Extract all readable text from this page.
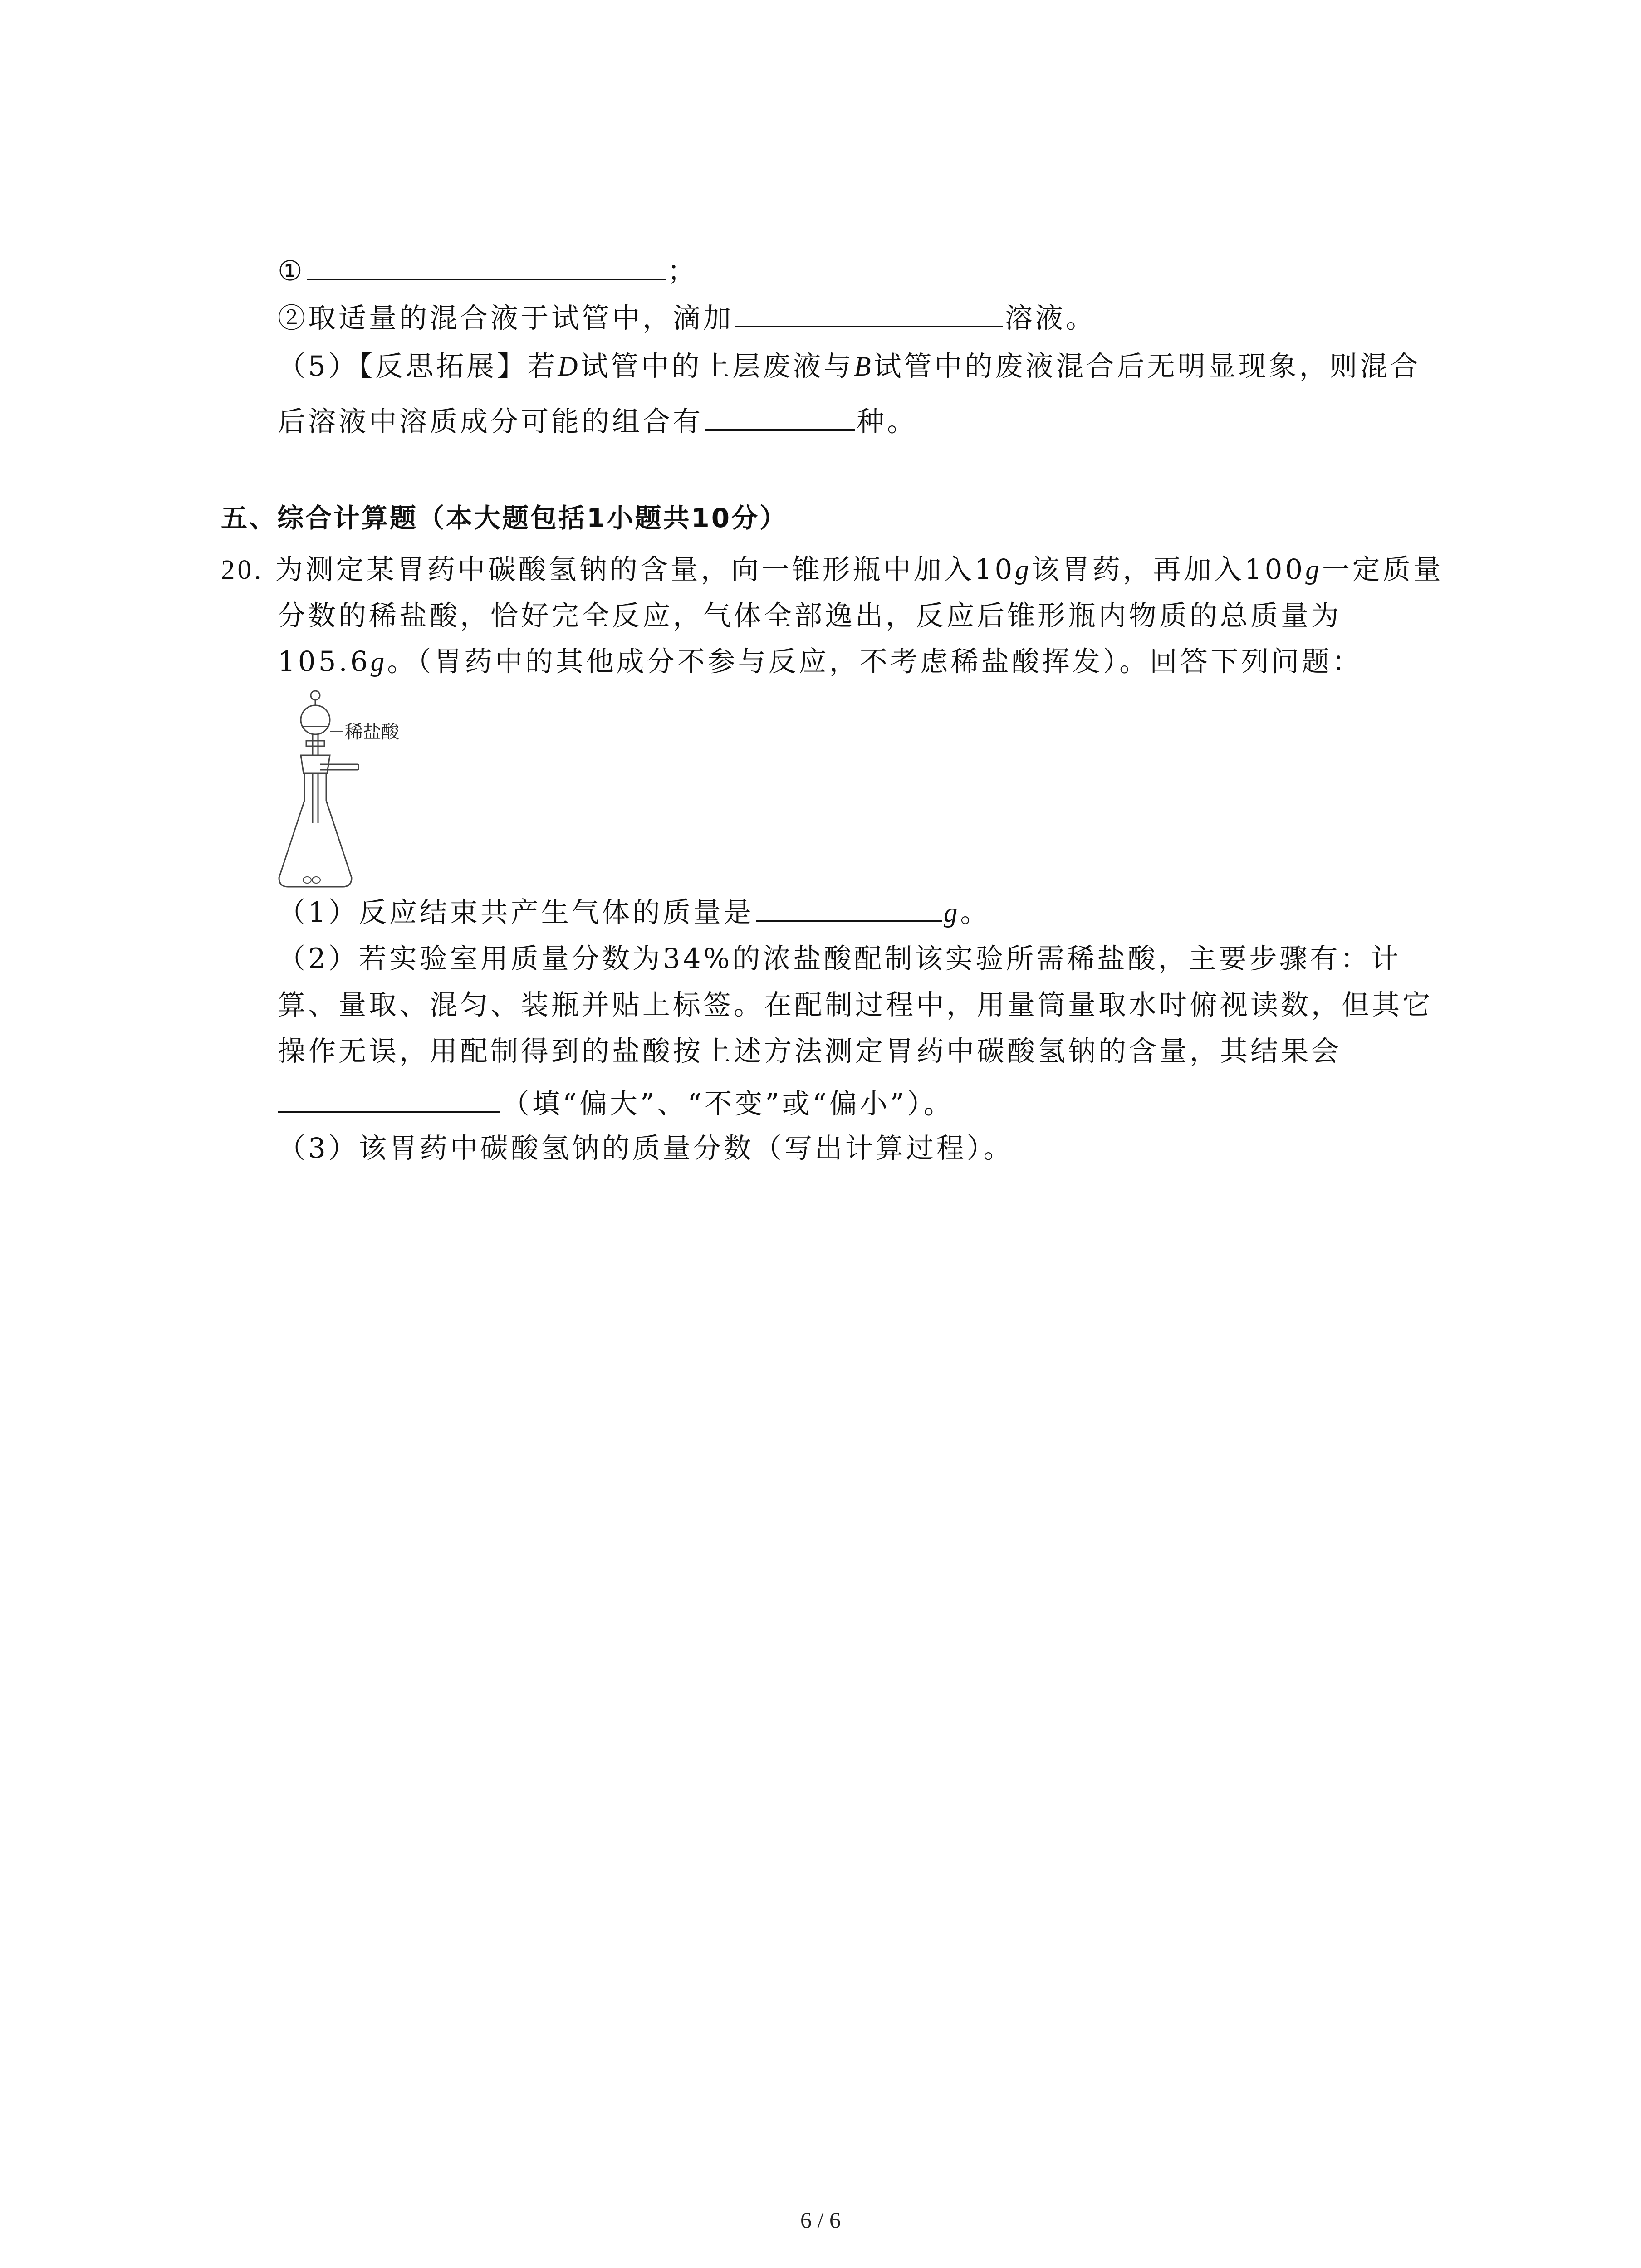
①	；
②取适量的混合液于试管中，滴加	溶液。
（5）【反思拓展】若D试管中的上层废液与B试管中的废液混合后无明显现象，则混合
后溶液中溶质成分可能的组合有	种。
五、综合计算题（本大题包括1小题共10分）
20. 为测定某胃药中碳酸氢钠的含量，向一锥形瓶中加入10g该胃药，再加入100g一定质量
分数的稀盐酸，恰好完全反应，气体全部逸出，反应后锥形瓶内物质的总质量为
105.6g。（胃药中的其他成分不参与反应，不考虑稀盐酸挥发）。回答下列问题：
稀盐酸
（1）反应结束共产生气体的质量是	g。
（2）若实验室用质量分数为34%的浓盐酸配制该实验所需稀盐酸，主要步骤有：计
算、量取、混匀、装瓶并贴上标签。在配制过程中，用量筒量取水时俯视读数，但其它
操作无误，用配制得到的盐酸按上述方法测定胃药中碳酸氢钠的含量，其结果会
（填“偏大”、“不变”或“偏小”）。
（3）该胃药中碳酸氢钠的质量分数（写出计算过程）。
6 / 6
